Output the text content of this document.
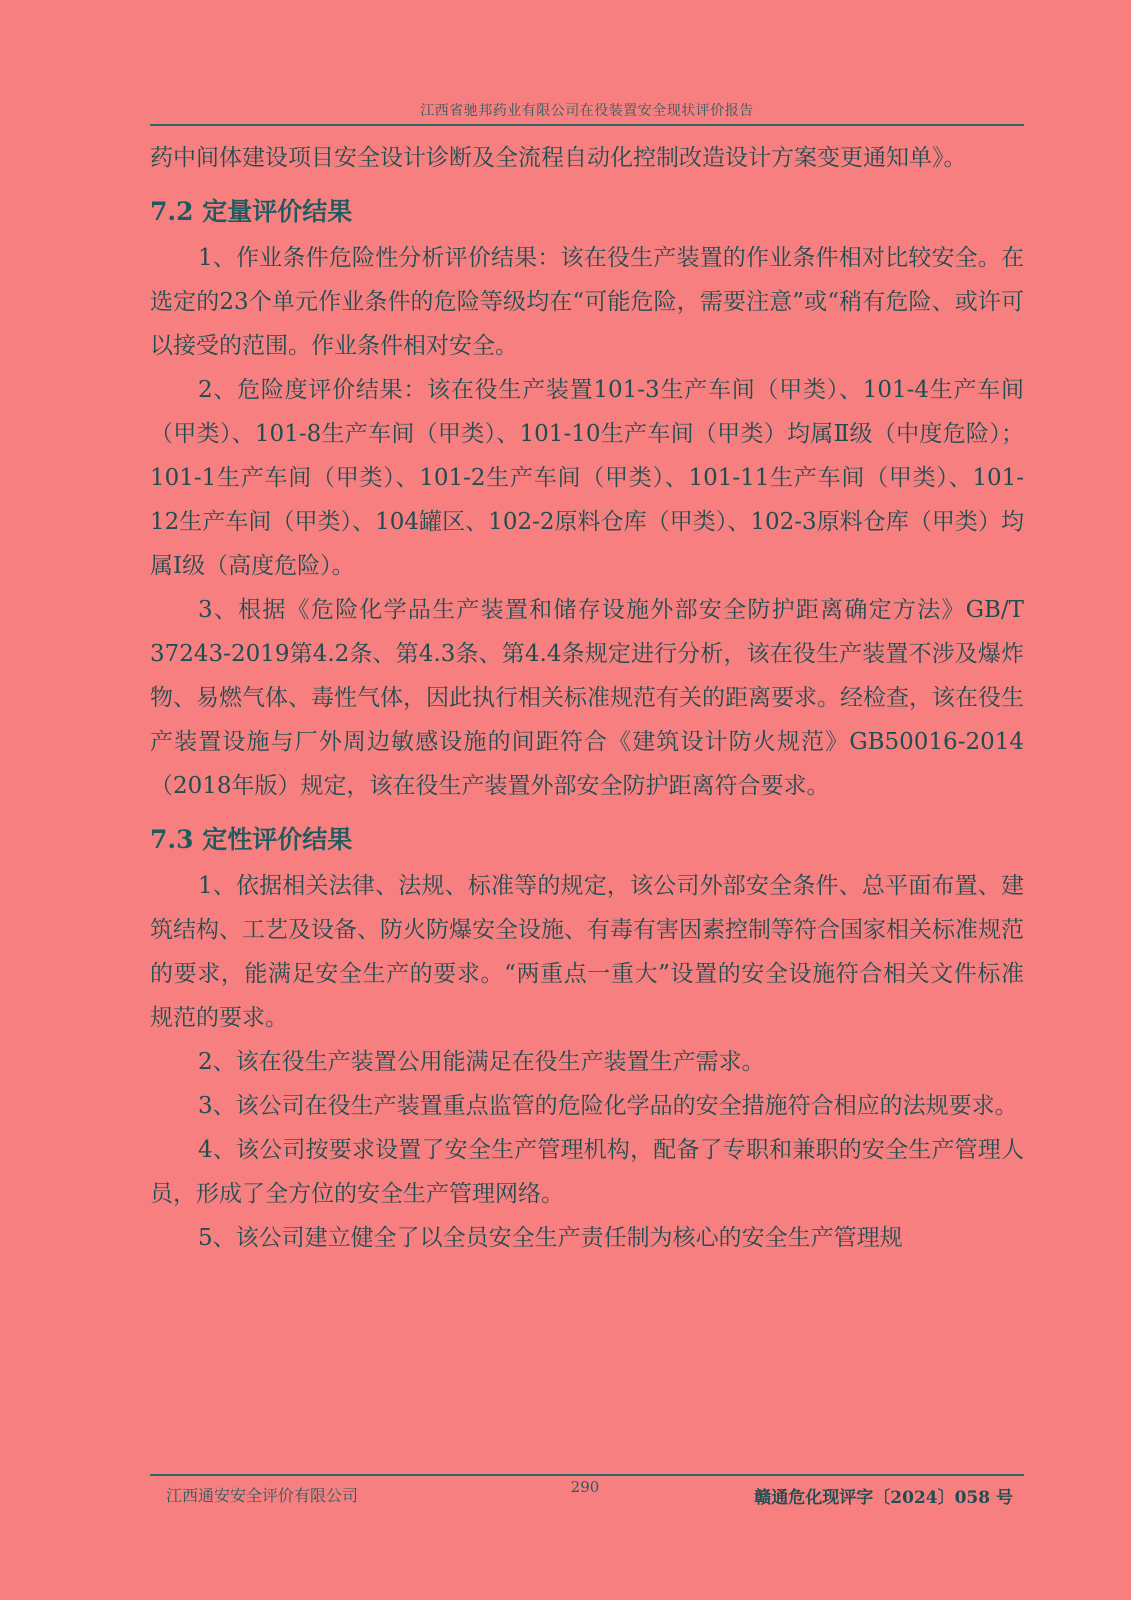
江西省驰邦药业有限公司在役装置安全现状评价报告

药中间体建设项目安全设计诊断及全流程自动化控制改造设计方案变更通知单》。

7.2 定量评价结果

1、作业条件危险性分析评价结果：该在役生产装置的作业条件相对比较安全。在选定的23个单元作业条件的危险等级均在“可能危险，需要注意”或“稍有危险、或许可以接受的范围。作业条件相对安全。

2、危险度评价结果：该在役生产装置101-3生产车间（甲类）、101-4生产车间（甲类）、101-8生产车间（甲类）、101-10生产车间（甲类）均属Ⅱ级（中度危险）；101-1生产车间（甲类）、101-2生产车间（甲类）、101-11生产车间（甲类）、101-12生产车间（甲类）、104罐区、102-2原料仓库（甲类）、102-3原料仓库（甲类）均属Ⅰ级（高度危险）。

3、根据《危险化学品生产装置和储存设施外部安全防护距离确定方法》GB/T 37243-2019第4.2条、第4.3条、第4.4条规定进行分析，该在役生产装置不涉及爆炸物、易燃气体、毒性气体，因此执行相关标准规范有关的距离要求。经检查，该在役生产装置设施与厂外周边敏感设施的间距符合《建筑设计防火规范》GB50016-2014（2018年版）规定，该在役生产装置外部安全防护距离符合要求。

7.3 定性评价结果

1、依据相关法律、法规、标准等的规定，该公司外部安全条件、总平面布置、建筑结构、工艺及设备、防火防爆安全设施、有毒有害因素控制等符合国家相关标准规范的要求，能满足安全生产的要求。“两重点一重大”设置的安全设施符合相关文件标准规范的要求。

2、该在役生产装置公用能满足在役生产装置生产需求。

3、该公司在役生产装置重点监管的危险化学品的安全措施符合相应的法规要求。

4、该公司按要求设置了安全生产管理机构，配备了专职和兼职的安全生产管理人员，形成了全方位的安全生产管理网络。

5、该公司建立健全了以全员安全生产责任制为核心的安全生产管理规

江西通安安全评价有限公司	290
赣通危化现评字〔2024〕058 号
